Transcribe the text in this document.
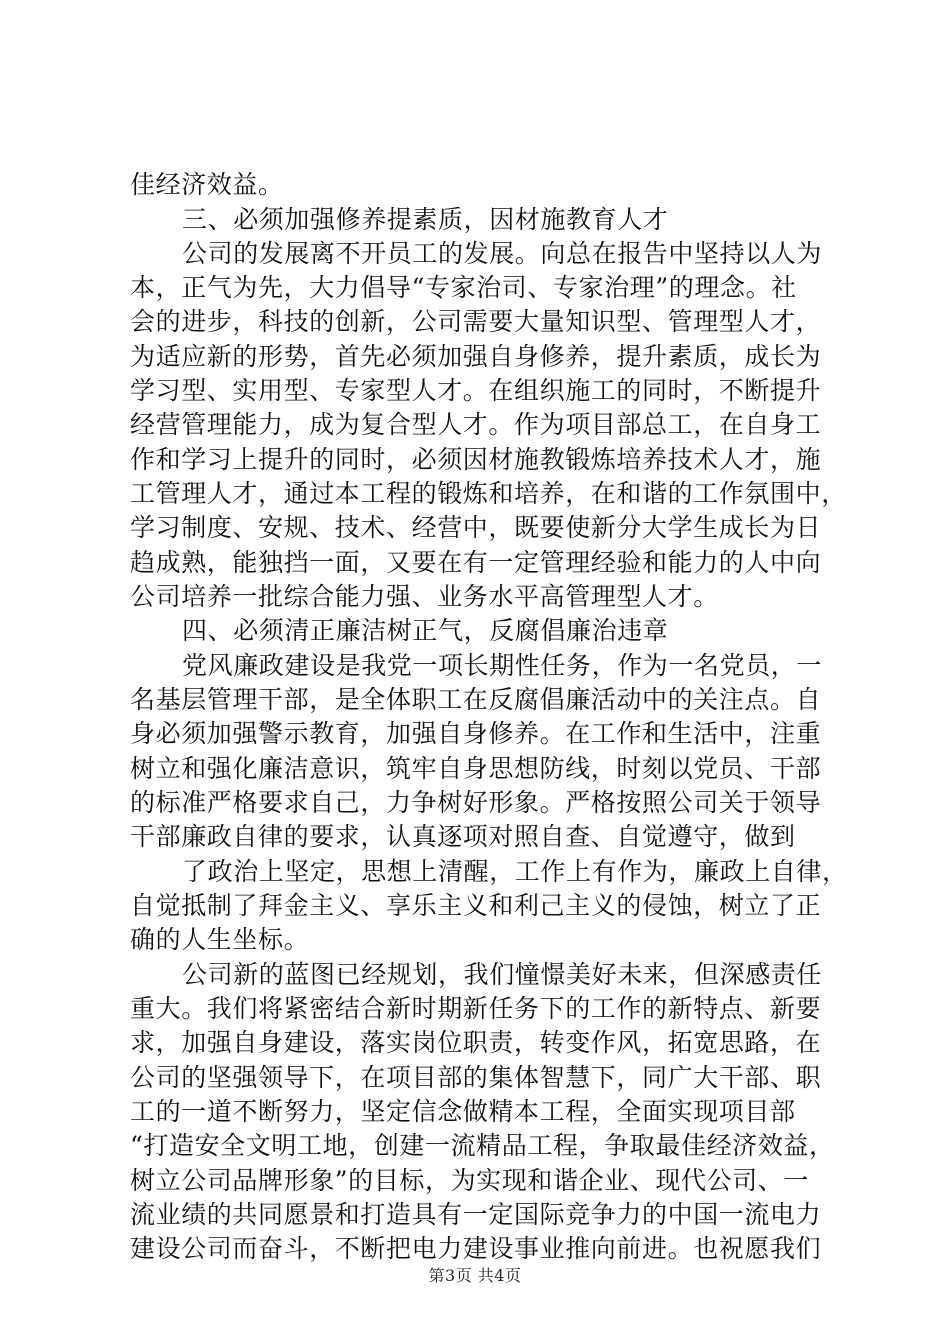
佳经济效益。
三、必须加强修养提素质，因材施教育人才
公司的发展离不开员工的发展。向总在报告中坚持以人为
本，正气为先，大力倡导“专家治司、专家治理”的理念。社
会的进步，科技的创新，公司需要大量知识型、管理型人才，
为适应新的形势，首先必须加强自身修养，提升素质，成长为
学习型、实用型、专家型人才。在组织施工的同时，不断提升
经营管理能力，成为复合型人才。作为项目部总工，在自身工
作和学习上提升的同时，必须因材施教锻炼培养技术人才，施
工管理人才，通过本工程的锻炼和培养，在和谐的工作氛围中，
学习制度、安规、技术、经营中，既要使新分大学生成长为日
趋成熟，能独挡一面，又要在有一定管理经验和能力的人中向
公司培养一批综合能力强、业务水平高管理型人才。
四、必须清正廉洁树正气，反腐倡廉治违章
党风廉政建设是我党一项长期性任务，作为一名党员，一
名基层管理干部，是全体职工在反腐倡廉活动中的关注点。自
身必须加强警示教育，加强自身修养。在工作和生活中，注重
树立和强化廉洁意识，筑牢自身思想防线，时刻以党员、干部
的标准严格要求自己，力争树好形象。严格按照公司关于领导
干部廉政自律的要求，认真逐项对照自查、自觉遵守，做到
了政治上坚定，思想上清醒，工作上有作为，廉政上自律，
自觉抵制了拜金主义、享乐主义和利己主义的侵蚀，树立了正
确的人生坐标。
公司新的蓝图已经规划，我们憧憬美好未来，但深感责任
重大。我们将紧密结合新时期新任务下的工作的新特点、新要
求，加强自身建设，落实岗位职责，转变作风，拓宽思路，在
公司的坚强领导下，在项目部的集体智慧下，同广大干部、职
工的一道不断努力，坚定信念做精本工程，全面实现项目部
“打造安全文明工地，创建一流精品工程，争取最佳经济效益，
树立公司品牌形象”的目标，为实现和谐企业、现代公司、一
流业绩的共同愿景和打造具有一定国际竞争力的中国一流电力
建设公司而奋斗，不断把电力建设事业推向前进。也祝愿我们
第3页 共4页
